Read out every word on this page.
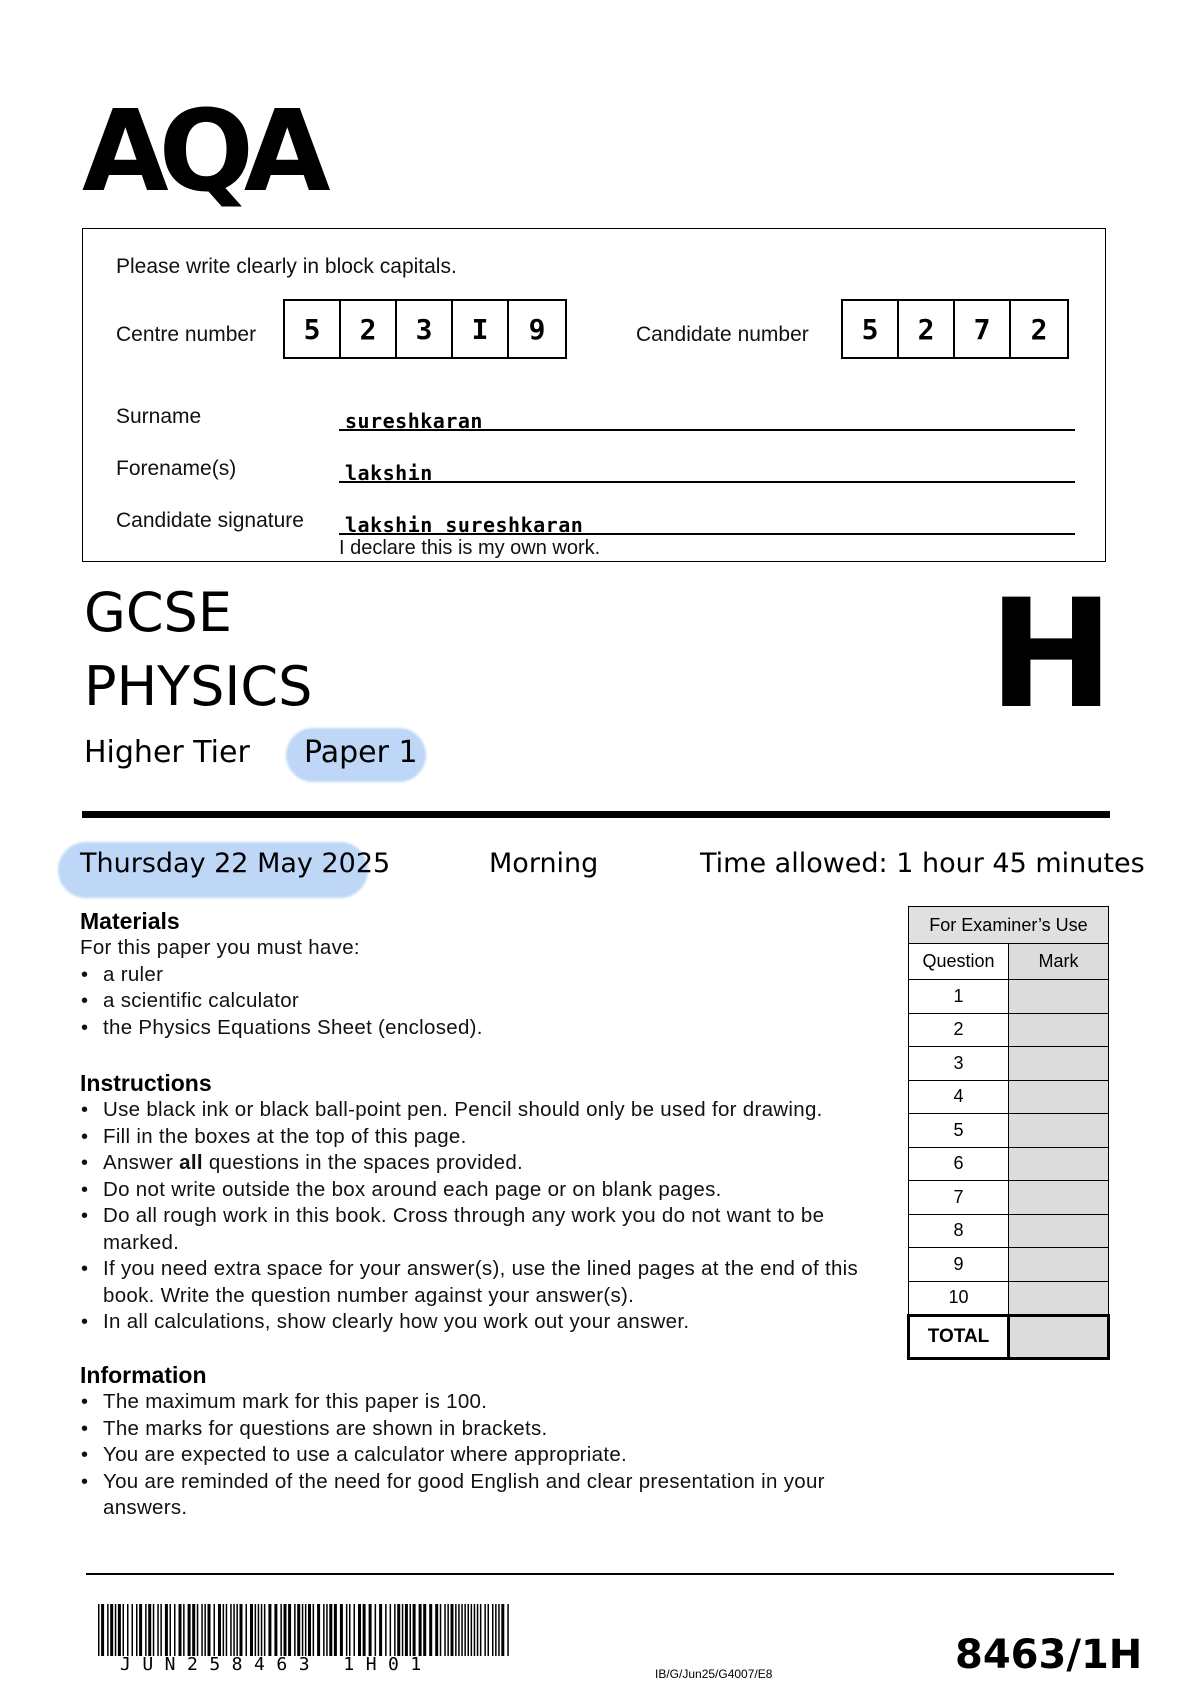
AQA
Please write clearly in block capitals.
Centre number	5	2	3	I	9	Candidate number	5	2	7	2
Surname	sureshkaran
Forename(s)	lakshin
Candidate signature lakshin sureshkaran
I declare this is my own work.
GCSE
PHYSICS	H
Higher Tier Paper 1
Thursday 22 May 2025	Morning	Time allowed: 1 hour 45 minutes
Materials
For this paper you must have:
• a ruler
• a scientific calculator
• the Physics Equations Sheet (enclosed).
Instructions
• Use black ink or black ball-point pen. Pencil should only be used for drawing.
• Fill in the boxes at the top of this page.
• Answer all questions in the spaces provided.
• Do not write outside the box around each page or on blank pages.
• Do all rough work in this book. Cross through any work you do not want to be marked.
• If you need extra space for your answer(s), use the lined pages at the end of this book. Write the question number against your answer(s).
• In all calculations, show clearly how you work out your answer.
Information
• The maximum mark for this paper is 100.
• The marks for questions are shown in brackets.
• You are expected to use a calculator where appropriate.
• You are reminded of the need for good English and clear presentation in your answers.
For Examiner’s Use	
Question	Mark
1	
2	
3	
4	
5	
6	
7	
8	
9	
10	
TOTAL	
JUN258463 1H01	IB/G/Jun25/G4007/E8	8463/1H
